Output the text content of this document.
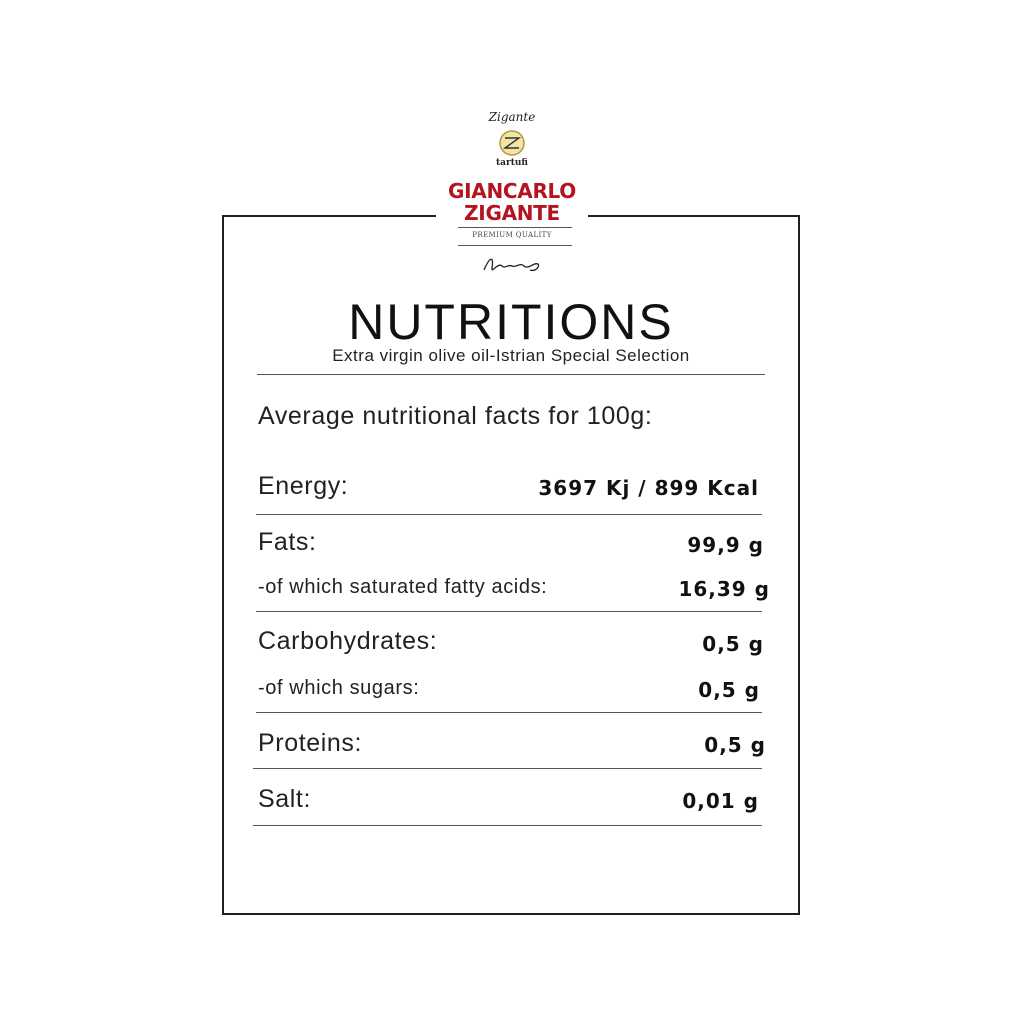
Zigante
tartufi
GIANCARLO
ZIGANTE
PREMIUM QUALITY
NUTRITIONS
Extra virgin olive oil-Istrian Special Selection
Average nutritional facts for 100g:
Energy:	3697 Kj / 899 Kcal
Fats:	99,9 g
-of which saturated fatty acids:	16,39 g
Carbohydrates:	0,5 g
-of which sugars:	0,5 g
Proteins:	0,5 g
Salt:	0,01 g
